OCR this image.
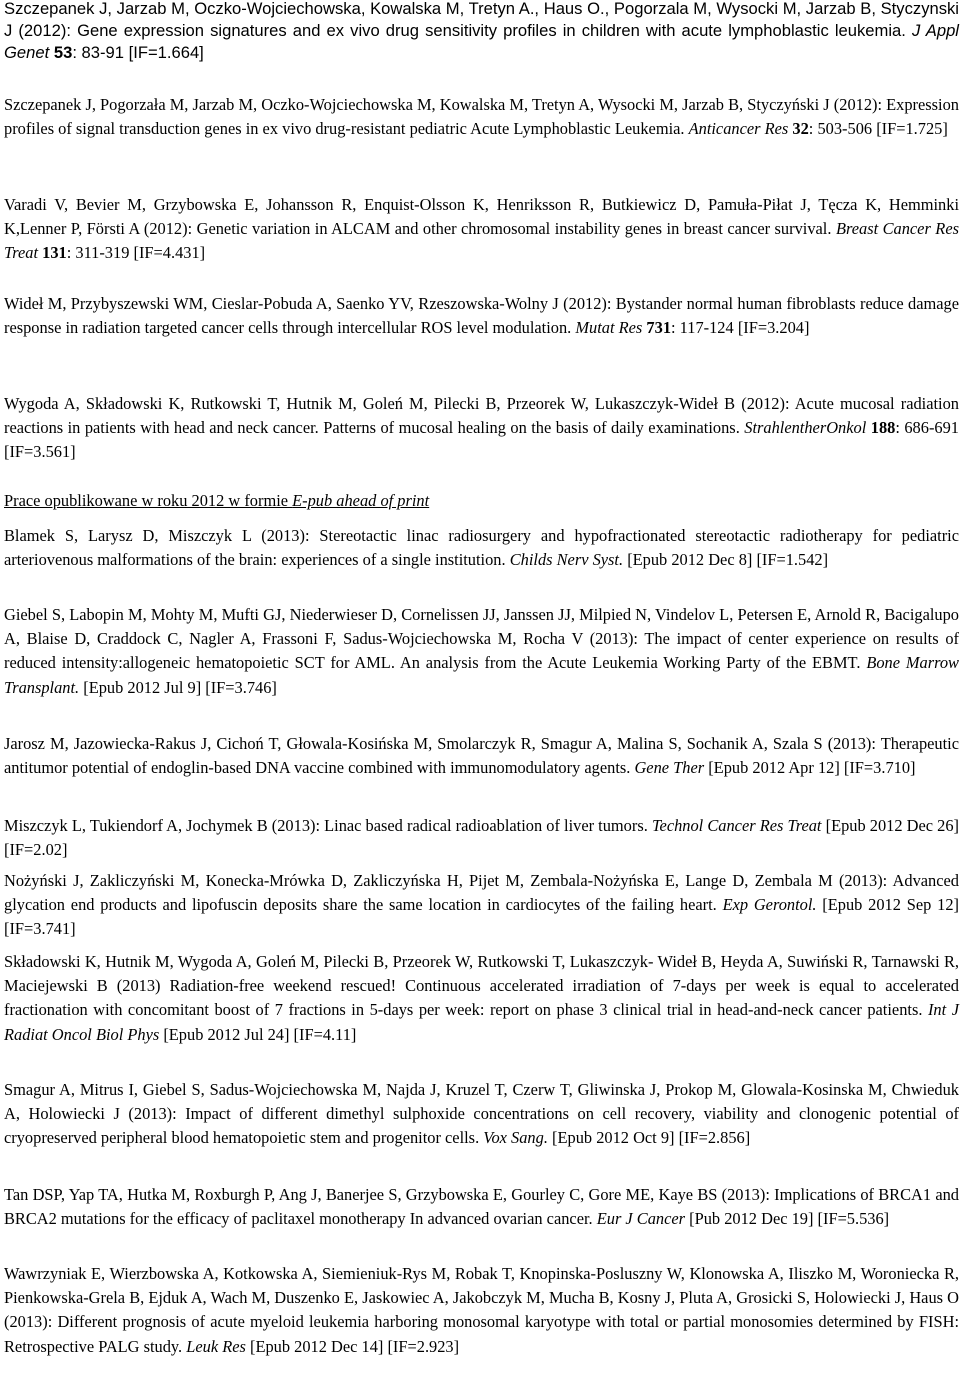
Szczepanek J, Jarzab M, Oczko-Wojciechowska, Kowalska M, Tretyn A., Haus O., Pogorzala M, Wysocki M, Jarzab B, Styczynski J (2012): Gene expression signatures and ex vivo drug sensitivity profiles in children with acute lymphoblastic leukemia. J Appl Genet 53: 83-91 [IF=1.664]

Szczepanek J, Pogorzała M, Jarzab M, Oczko-Wojciechowska M, Kowalska M, Tretyn A, Wysocki M, Jarzab B, Styczyński J (2012): Expression profiles of signal transduction genes in ex vivo drug-resistant pediatric Acute Lymphoblastic Leukemia. Anticancer Res 32: 503-506 [IF=1.725]

Varadi V, Bevier M, Grzybowska E, Johansson R, Enquist-Olsson K, Henriksson R, Butkiewicz D, Pamuła-Piłat J, Tęcza K, Hemminki K,Lenner P, Försti A (2012): Genetic variation in ALCAM and other chromosomal instability genes in breast cancer survival. Breast Cancer Res Treat 131: 311-319 [IF=4.431]

Wideł M, Przybyszewski WM, Cieslar-Pobuda A, Saenko YV, Rzeszowska-Wolny J (2012): Bystander normal human fibroblasts reduce damage response in radiation targeted cancer cells through intercellular ROS level modulation. Mutat Res 731: 117-124 [IF=3.204]

Wygoda A, Składowski K, Rutkowski T, Hutnik M, Goleń M, Pilecki B, Przeorek W, Lukaszczyk-Wideł B (2012): Acute mucosal radiation reactions in patients with head and neck cancer. Patterns of mucosal healing on the basis of daily examinations. StrahlentherOnkol 188: 686-691 [IF=3.561]

Prace opublikowane w roku 2012 w formie E-pub ahead of print

Blamek S, Larysz D, Miszczyk L (2013): Stereotactic linac radiosurgery and hypofractionated stereotactic radiotherapy for pediatric arteriovenous malformations of the brain: experiences of a single institution. Childs Nerv Syst. [Epub 2012 Dec 8] [IF=1.542]

Giebel S, Labopin M, Mohty M, Mufti GJ, Niederwieser D, Cornelissen JJ, Janssen JJ, Milpied N, Vindelov L, Petersen E, Arnold R, Bacigalupo A, Blaise D, Craddock C, Nagler A, Frassoni F, Sadus-Wojciechowska M, Rocha V (2013): The impact of center experience on results of reduced intensity:allogeneic hematopoietic SCT for AML. An analysis from the Acute Leukemia Working Party of the EBMT. Bone Marrow Transplant. [Epub 2012 Jul 9] [IF=3.746]

Jarosz M, Jazowiecka-Rakus J, Cichoń T, Głowala-Kosińska M, Smolarczyk R, Smagur A, Malina S, Sochanik A, Szala S (2013): Therapeutic antitumor potential of endoglin-based DNA vaccine combined with immunomodulatory agents. Gene Ther [Epub 2012 Apr 12] [IF=3.710]

Miszczyk L, Tukiendorf A, Jochymek B (2013): Linac based radical radioablation of liver tumors. Technol Cancer Res Treat [Epub 2012 Dec 26] [IF=2.02]

Nożyński J, Zakliczyński M, Konecka-Mrówka D, Zakliczyńska H, Pijet M, Zembala-Nożyńska E, Lange D, Zembala M (2013): Advanced glycation end products and lipofuscin deposits share the same location in cardiocytes of the failing heart. Exp Gerontol. [Epub 2012 Sep 12] [IF=3.741]

Składowski K, Hutnik M, Wygoda A, Goleń M, Pilecki B, Przeorek W, Rutkowski T, Lukaszczyk- Wideł B, Heyda A, Suwiński R, Tarnawski R, Maciejewski B (2013) Radiation-free weekend rescued! Continuous accelerated irradiation of 7-days per week is equal to accelerated fractionation with concomitant boost of 7 fractions in 5-days per week: report on phase 3 clinical trial in head-and-neck cancer patients. Int J Radiat Oncol Biol Phys [Epub 2012 Jul 24] [IF=4.11]

Smagur A, Mitrus I, Giebel S, Sadus-Wojciechowska M, Najda J, Kruzel T, Czerw T, Gliwinska J, Prokop M, Glowala-Kosinska M, Chwieduk A, Holowiecki J (2013): Impact of different dimethyl sulphoxide concentrations on cell recovery, viability and clonogenic potential of cryopreserved peripheral blood hematopoietic stem and progenitor cells. Vox Sang. [Epub 2012 Oct 9] [IF=2.856]

Tan DSP, Yap TA, Hutka M, Roxburgh P, Ang J, Banerjee S, Grzybowska E, Gourley C, Gore ME, Kaye BS (2013): Implications of BRCA1 and BRCA2 mutations for the efficacy of paclitaxel monotherapy In advanced ovarian cancer. Eur J Cancer [Pub 2012 Dec 19] [IF=5.536]

Wawrzyniak E, Wierzbowska A, Kotkowska A, Siemieniuk-Rys M, Robak T, Knopinska-Posluszny W, Klonowska A, Iliszko M, Woroniecka R, Pienkowska-Grela B, Ejduk A, Wach M, Duszenko E, Jaskowiec A, Jakobczyk M, Mucha B, Kosny J, Pluta A, Grosicki S, Holowiecki J, Haus O (2013): Different prognosis of acute myeloid leukemia harboring monosomal karyotype with total or partial monosomies determined by FISH: Retrospective PALG study. Leuk Res [Epub 2012 Dec 14] [IF=2.923]
